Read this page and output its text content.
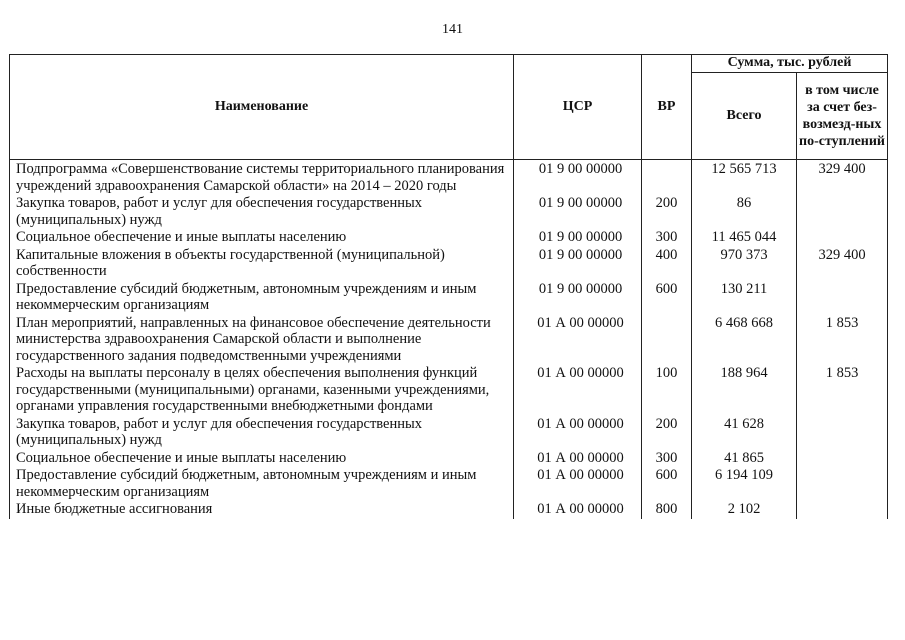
141
Наименование	ЦСР	ВР	Сумма, тыс. рублей	
			Всего	в том числе за счет без-возмезд-ных по-ступлений
Подпрограмма «Совершенствование системы территориального планирования учреждений здравоохранения Самарской области» на 2014 – 2020 годы	01 9 00 00000		12 565 713	329 400
Закупка товаров, работ и услуг для обеспечения государственных (муниципальных) нужд	01 9 00 00000	200	86	
Социальное обеспечение и иные выплаты населению	01 9 00 00000	300	11 465 044	
Капитальные вложения в объекты государственной (муниципальной) собственности	01 9 00 00000	400	970 373	329 400
Предоставление субсидий бюджетным, автономным учреждениям и иным некоммерческим организациям	01 9 00 00000	600	130 211	
План мероприятий, направленных на финансовое обеспечение деятельности министерства здравоохранения Самарской области и выполнение государственного задания подведомственными учреждениями	01 А 00 00000		6 468 668	1 853
Расходы на выплаты персоналу в целях обеспечения выполнения функций государственными (муниципальными) органами, казенными учреждениями, органами управления государственными внебюджетными фондами	01 А 00 00000	100	188 964	1 853
Закупка товаров, работ и услуг для обеспечения государственных (муниципальных) нужд	01 А 00 00000	200	41 628	
Социальное обеспечение и иные выплаты населению	01 А 00 00000	300	41 865	
Предоставление субсидий бюджетным, автономным учреждениям и иным некоммерческим организациям	01 А 00 00000	600	6 194 109	
Иные бюджетные ассигнования	01 А 00 00000	800	2 102	
